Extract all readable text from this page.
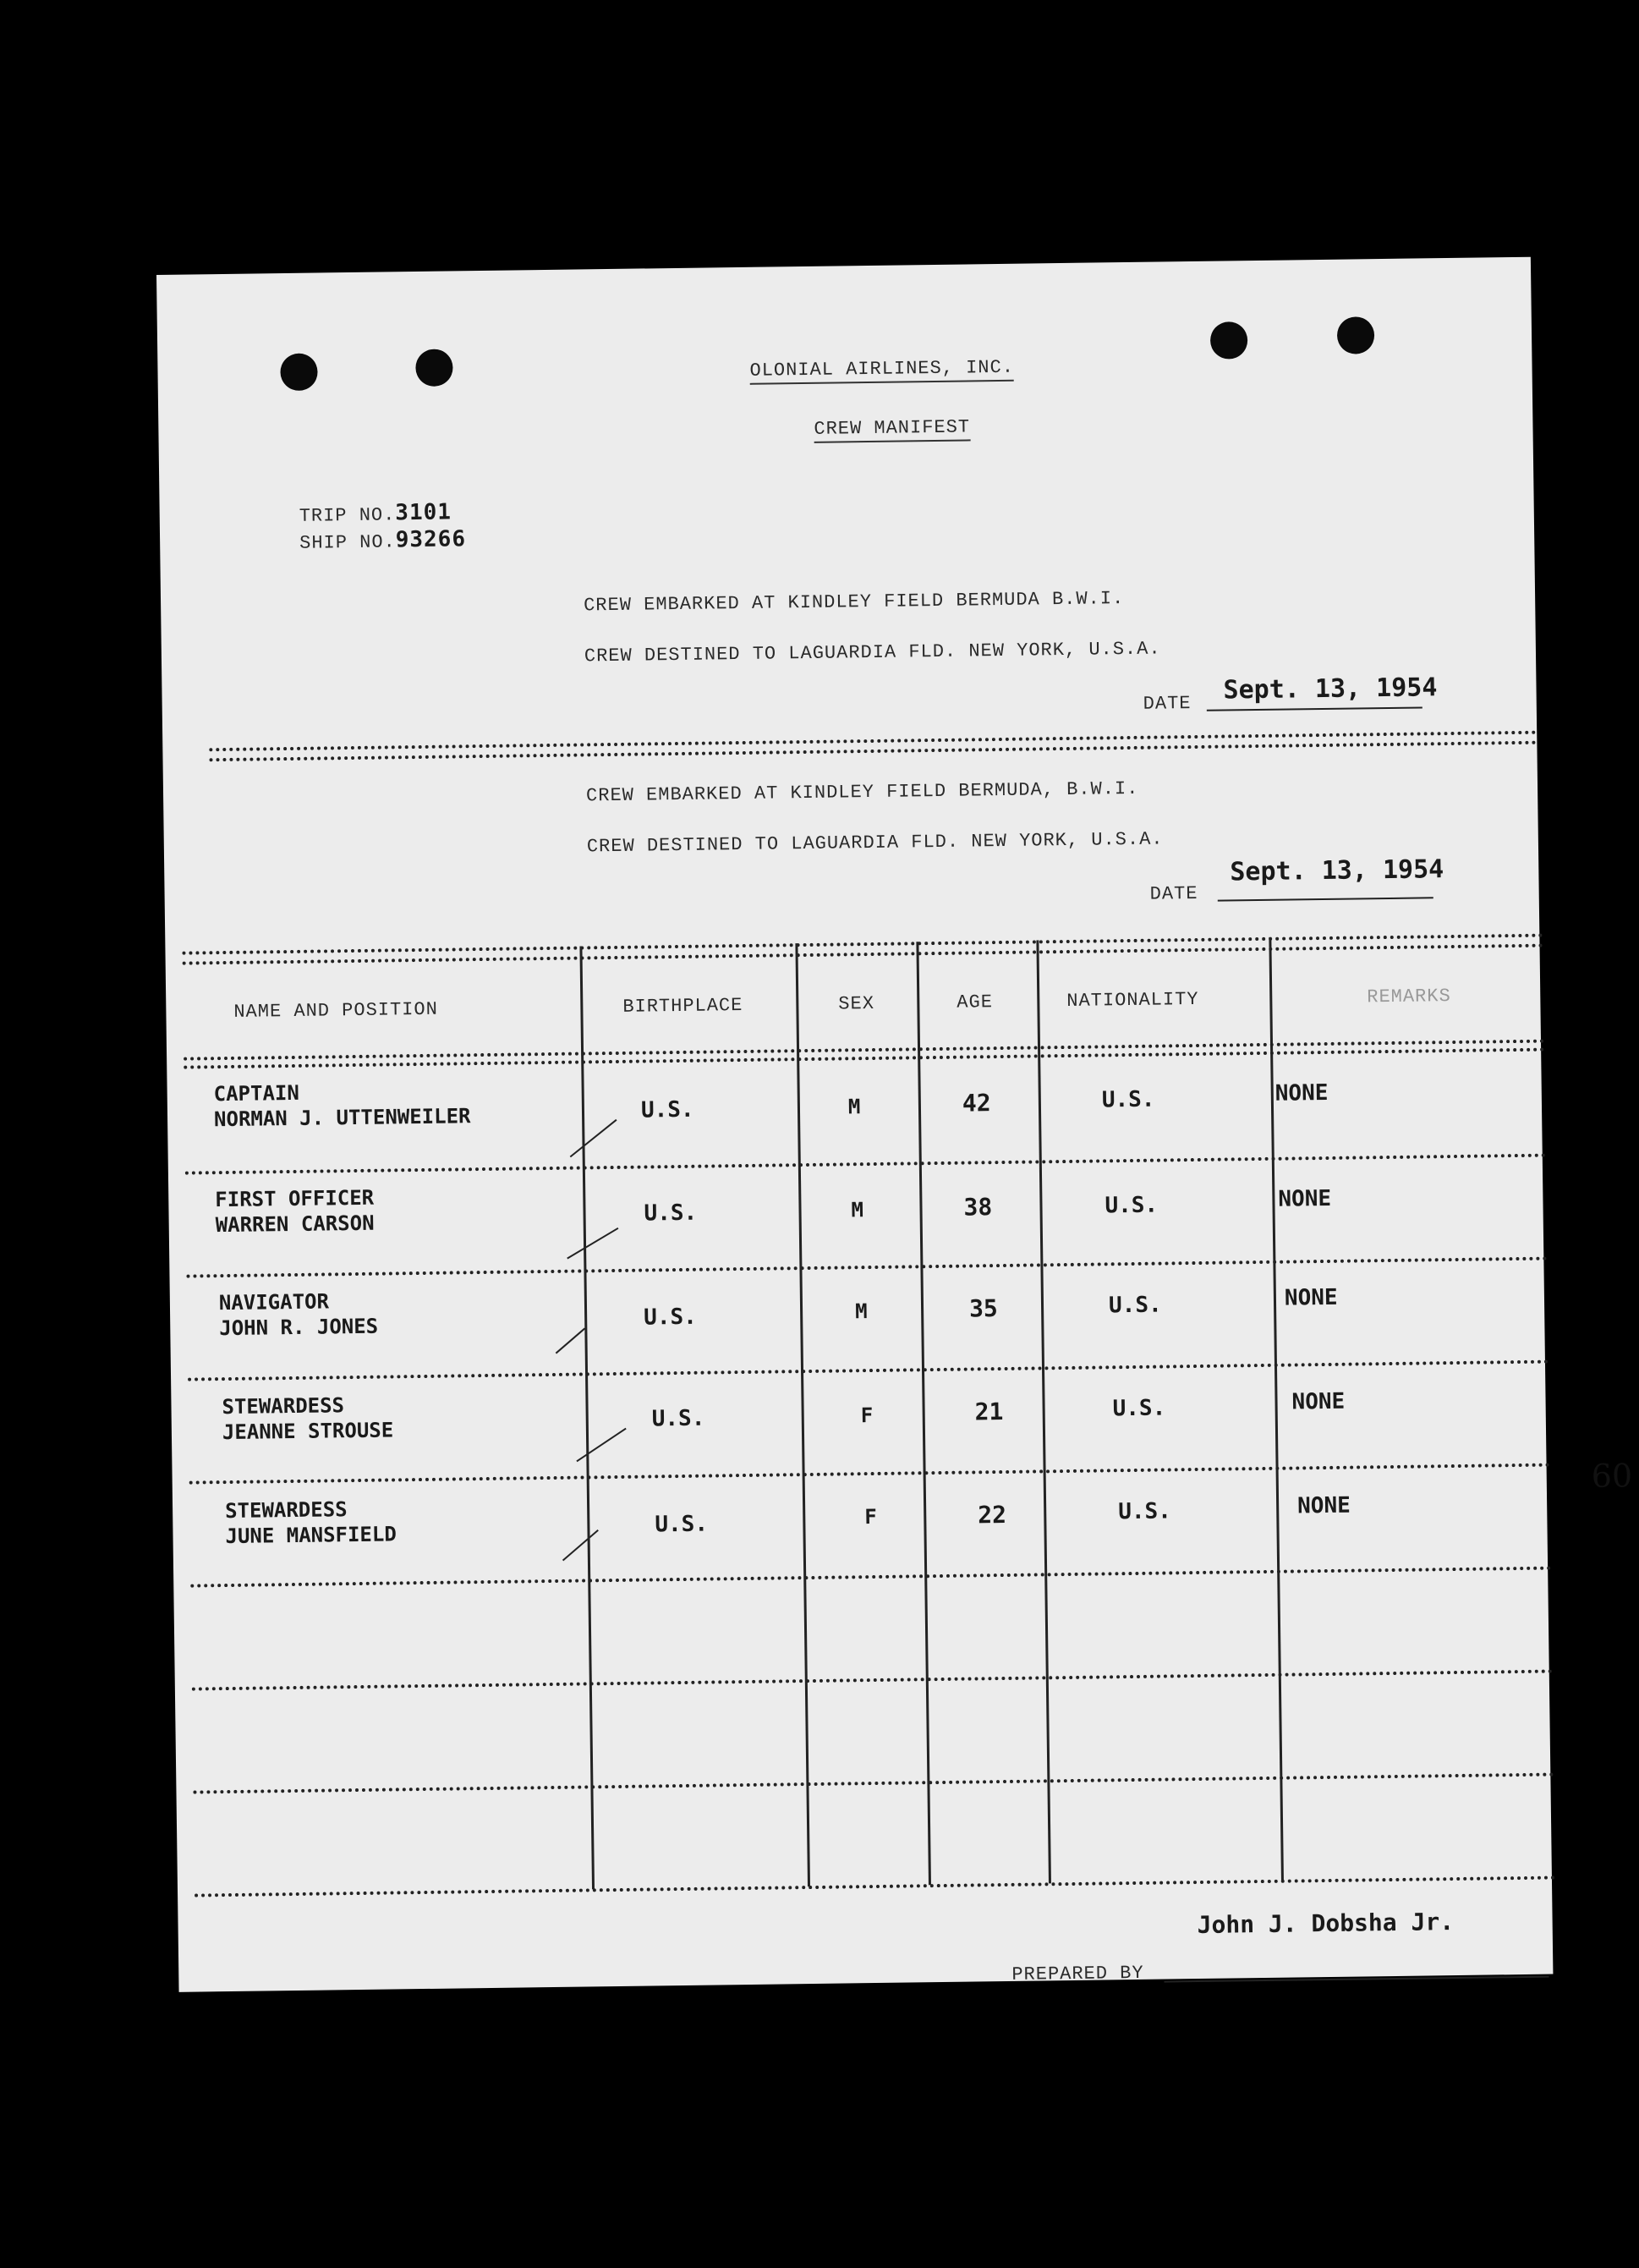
OLONIAL AIRLINES, INC.
CREW MANIFEST
TRIP NO.3101
SHIP NO.93266
CREW EMBARKED AT KINDLEY FIELD BERMUDA B.W.I.
CREW DESTINED TO LAGUARDIA FLD. NEW YORK, U.S.A.
DATE Sept. 13, 1954
CREW EMBARKED AT KINDLEY FIELD BERMUDA, B.W.I.
CREW DESTINED TO LAGUARDIA FLD. NEW YORK, U.S.A.
DATE
Sept. 13, 1954
NAME AND POSITION	BIRTHPLACE	SEX	AGE	NATIONALITY	REMARKS
CAPTAIN
NORMAN J. UTTENWEILER	U.S.	M	42	U.S.	NONE
FIRST OFFICER
WARREN CARSON	U.S.	M	38	U.S.	NONE
NAVIGATOR
JOHN R. JONES	U.S.	M	35	U.S.	NONE
STEWARDESS
JEANNE STROUSE	U.S.	F	21	U.S.	NONE
STEWARDESS
JUNE MANSFIELD	U.S.	F	22	U.S.	NONE
60
John J. Dobsha Jr.
PREPARED BY
